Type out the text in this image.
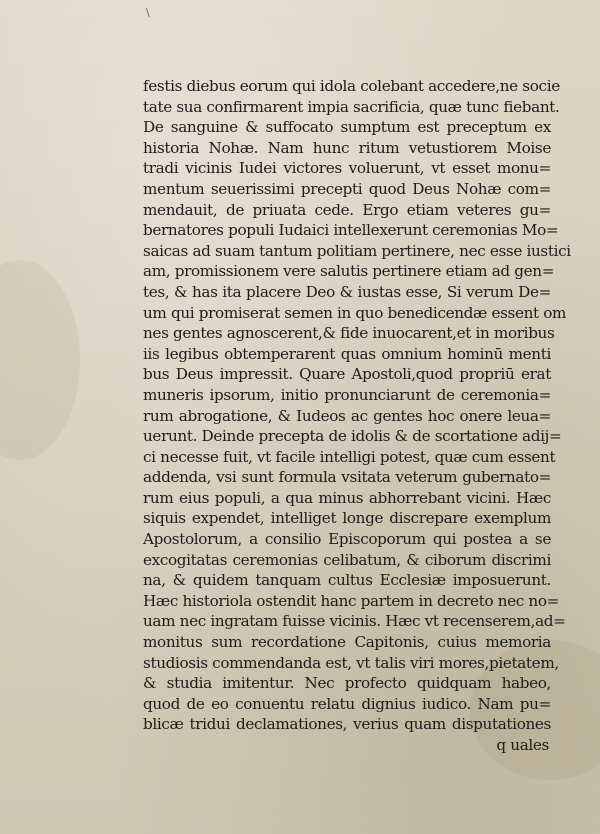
\
festis diebus eorum qui idola colebant accedere,ne socie
tate sua confirmarent impia sacrificia, quæ tunc fiebant.
De sanguine & suffocato sumptum est preceptum ex
historia Nohæ. Nam hunc ritum vetustiorem Moise
tradi vicinis Iudei victores voluerunt, vt esset monu=
mentum seuerissimi precepti quod Deus Nohæ com=
mendauit, de priuata cede. Ergo etiam veteres gu=
bernatores populi Iudaici intellexerunt ceremonias Mo=
saicas ad suam tantum politiam pertinere, nec esse iustici
am, promissionem vere salutis pertinere etiam ad gen=
tes, & has ita placere Deo & iustas esse, Si verum De=
um qui promiserat semen in quo benedicendæ essent om
nes gentes agnoscerent,& fide inuocarent,et in moribus
iis legibus obtemperarent quas omnium hominū menti
bus Deus impressit. Quare Apostoli,quod propriū erat
muneris ipsorum, initio pronunciarunt de ceremonia=
rum abrogatione, & Iudeos ac gentes hoc onere leua=
uerunt. Deinde precepta de idolis & de scortatione adij=
ci necesse fuit, vt facile intelligi potest, quæ cum essent
addenda, vsi sunt formula vsitata veterum gubernato=
rum eius populi, a qua minus abhorrebant vicini. Hæc
siquis expendet, intelliget longe discrepare exemplum
Apostolorum, a consilio Episcoporum qui postea a se
excogitatas ceremonias celibatum, & ciborum discrimi
na, & quidem tanquam cultus Ecclesiæ imposuerunt.
Hæc historiola ostendit hanc partem in decreto nec no=
uam nec ingratam fuisse vicinis. Hæc vt recenserem,ad=
monitus sum recordatione Capitonis, cuius memoria
studiosis commendanda est, vt talis viri mores,pietatem,
& studia imitentur. Nec profecto quidquam habeo,
quod de eo conuentu relatu dignius iudico. Nam pu=
blicæ tridui declamationes, verius quam disputationes
q uales
